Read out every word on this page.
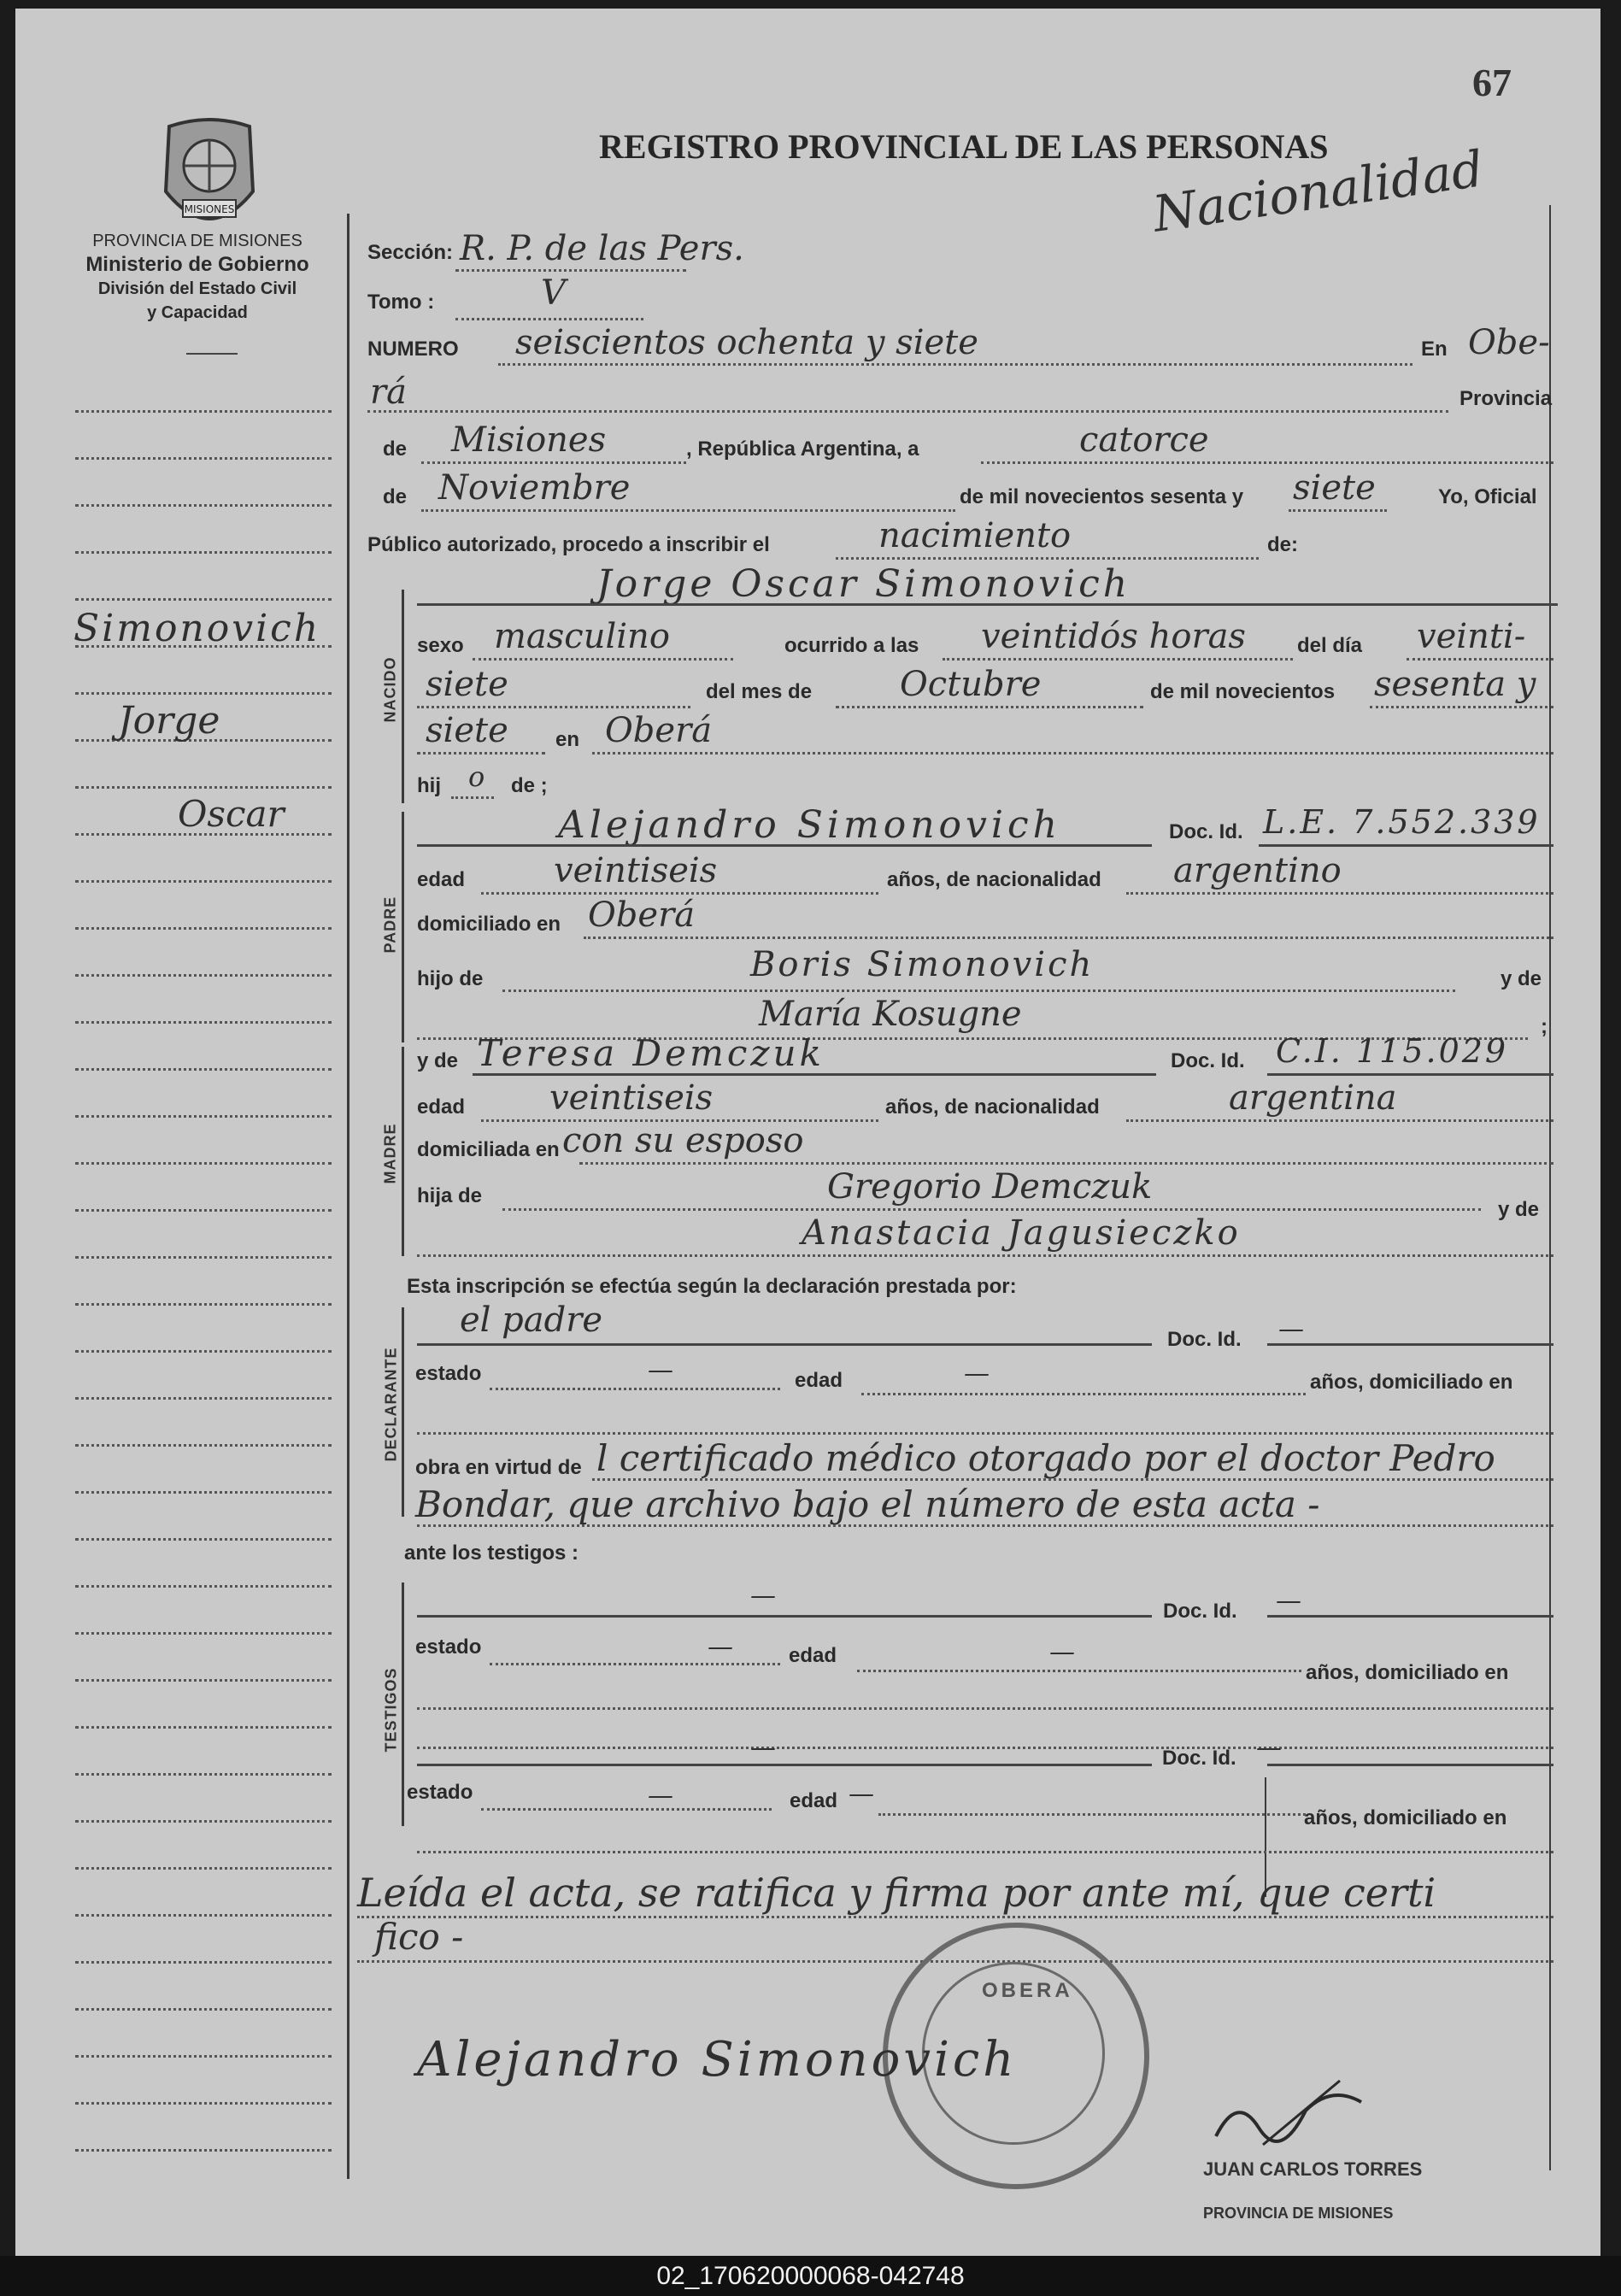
67
REGISTRO PROVINCIAL DE LAS PERSONAS
Nacionalidad
MISIONES
PROVINCIA DE MISIONES
Ministerio de Gobierno
División del Estado Civil
y Capacidad
Simonovich
Jorge
Oscar
Sección: R. P. de las Pers.
Tomo :	V
NUMERO seiscientos ochenta y siete	En Obe-
rá	Provincia
de Misiones	, República Argentina, a	catorce
de Noviembre	de mil novecientos sesenta y siete	Yo, Oficial
Público autorizado, procedo a inscribir el	nacimiento	de:
NACIDO
Jorge Oscar Simonovich
sexo masculino	ocurrido a las veintidós horas	del día veinti-
siete	del mes de	Octubre	de mil novecientos sesenta y
siete en Oberá
hij o de ;
PADRE
Alejandro Simonovich	Doc. Id. L.E. 7.552.339
edad	veintiseis	años, de nacionalidad argentino
domiciliado en Oberá
hijo de	Boris Simonovich	y de
María Kosugne	;
MADRE
y de Teresa Demczuk	Doc. Id. C.I. 115.029
edad veintiseis	años, de nacionalidad	argentina
domiciliada en con su esposo
hija de	Gregorio Demczuk
y de
Anastacia Jagusieczko
Esta inscripción se efectúa según la declaración prestada por:
DECLARANTE
el padre	Doc. Id. —
estado	—	edad	—	años, domiciliado en
obra en virtud de l certificado médico otorgado por el doctor Pedro
Bondar, que archivo bajo el número de esta acta -
ante los testigos :
TESTIGOS
—
Doc. Id. —
estado	—	edad	—
años, domiciliado en
—	Doc. Id. —
estado	—	edad —
años, domiciliado en
Leída el acta, se ratifica y firma por ante mí, que certi
fico -
OBERA
Alejandro Simonovich
JUAN CARLOS TORRES
PROVINCIA DE MISIONES
02_170620000068-042748
